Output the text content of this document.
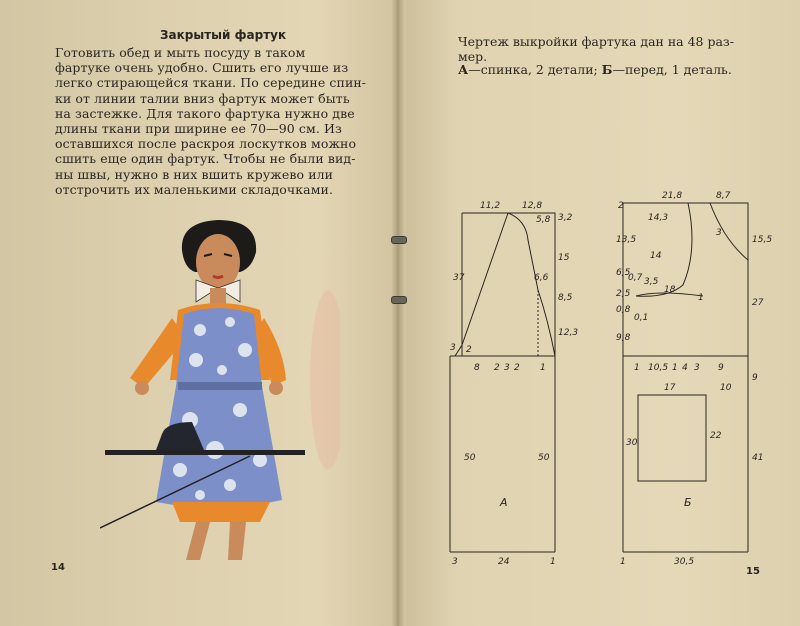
Закрытый фартук
Готовить обед и мыть посуду в таком
фартуке очень удобно. Сшить его лучше из
легко стирающейся ткани. По середине спин-
ки от линии талии вниз фартук может быть
на застежке. Для такого фартука нужно две
длины ткани при ширине ее 70—90 см. Из
оставшихся после раскроя лоскутков можно
сшить еще один фартук. Чтобы не были вид-
ны швы, нужно в них вшить кружево или
отстрочить их маленькими складочками.
14
Чертеж выкройки фартука дан на 48 раз-
мер.
А—спинка, 2 детали; Б—перед, 1 деталь.
11,2 12,8
5,8 3,2
37
15
6,6
8,5
12,3
3 2
8 2 3 2 1
50	50
3	24	1
А
2
21,8	8,7
14,3
13,5	15,5
3
14
6,5
0,7 3,5
2,5	18
1	27
0,8
0,1
9,8
1 10,5 1 4 3 9
9
17	10
30
22
41
1	30,5
Б
15
